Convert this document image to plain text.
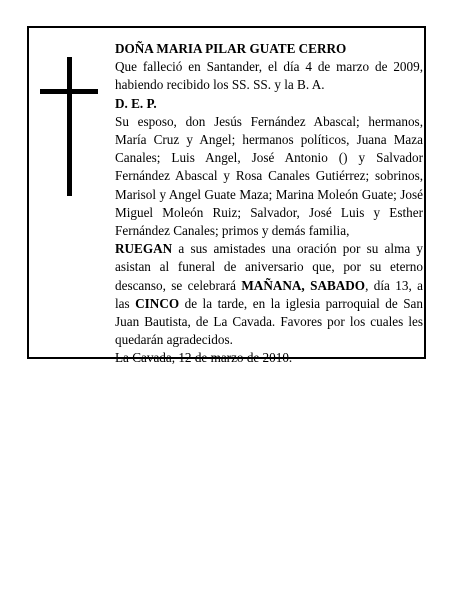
DOÑA MARIA PILAR GUATE CERRO

Que falleció en Santander, el día 4 de marzo de 2009, habiendo recibido los SS. SS. y la B. A.

D. E. P.

Su esposo, don Jesús Fernández Abascal; hermanos, María Cruz y Angel; hermanos políticos, Juana Maza Canales; Luis Angel, José Antonio () y Salvador Fernández Abascal y Rosa Canales Gutiérrez; sobrinos, Marisol y Angel Guate Maza; Marina Moleón Guate; José Miguel Moleón Ruiz; Salvador, José Luis y Esther Fernández Canales; primos y demás familia,

RUEGAN a sus amistades una oración por su alma y asistan al funeral de aniversario que, por su eterno descanso, se celebrará MAÑANA, SABADO, día 13, a las CINCO de la tarde, en la iglesia parroquial de San Juan Bautista, de La Cavada. Favores por los cuales les quedarán agradecidos.

La Cavada, 12 de marzo de 2010.
